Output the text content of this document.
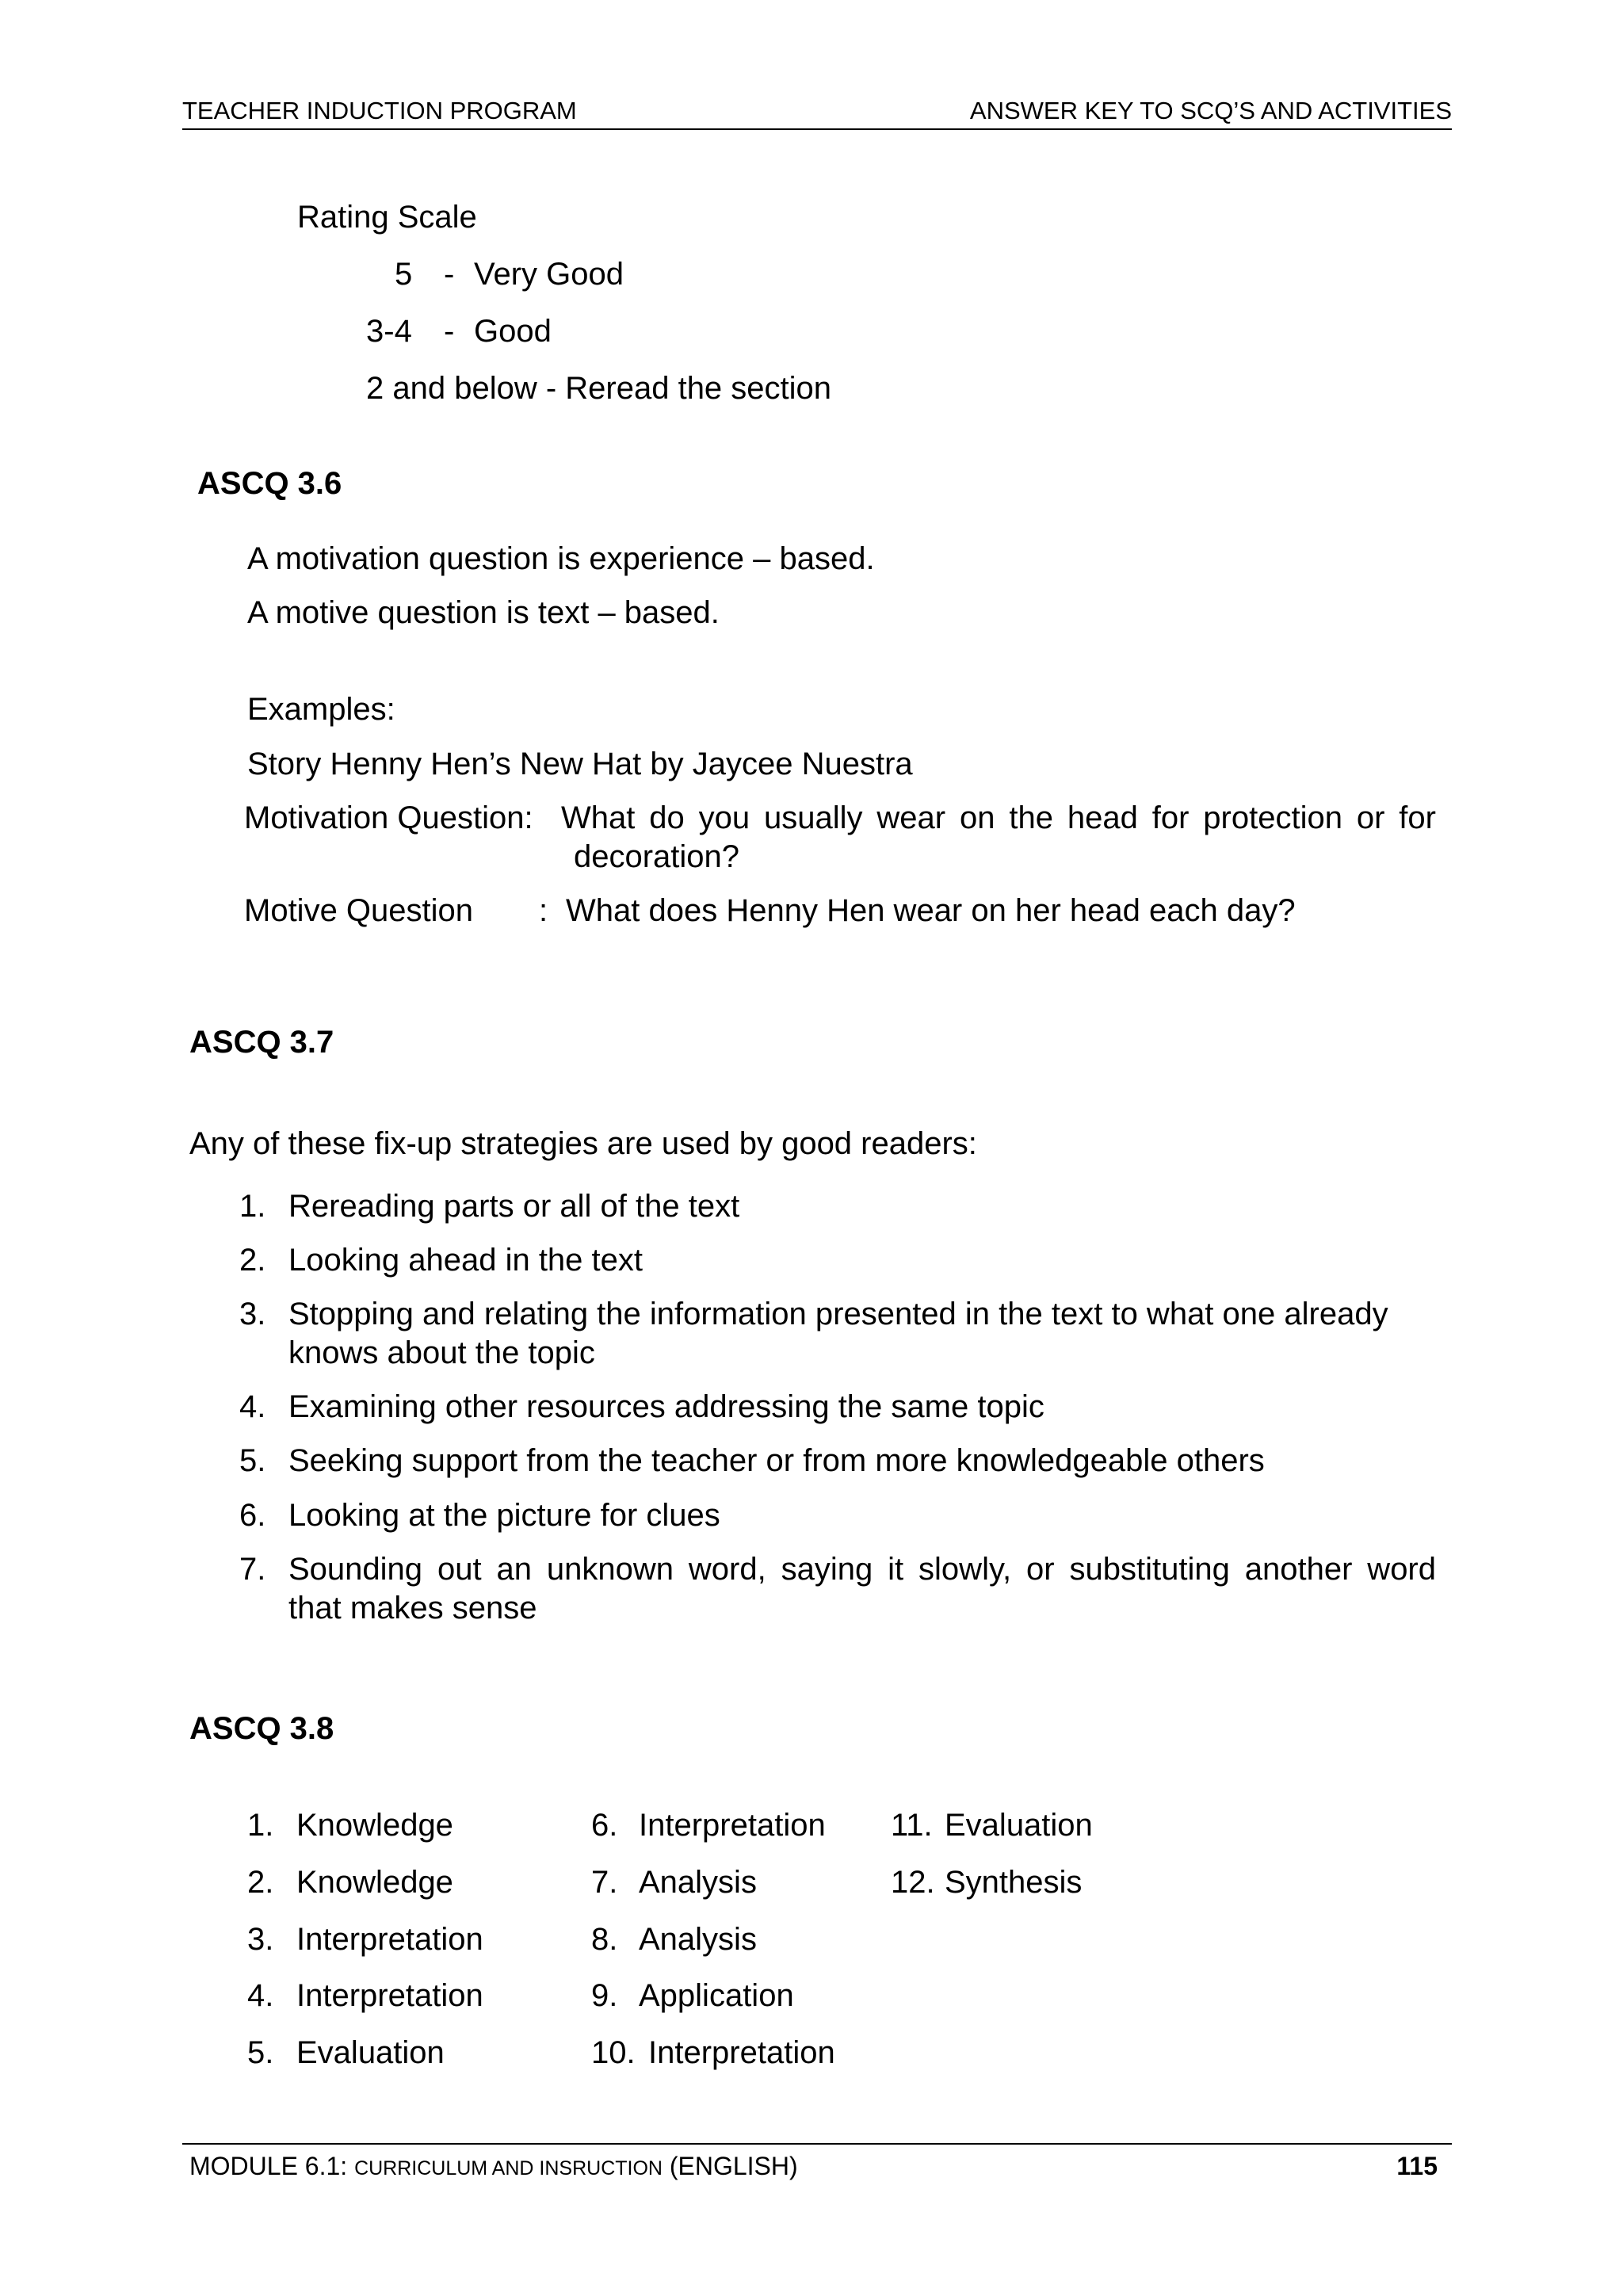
TEACHER INDUCTION PROGRAM	ANSWER KEY TO SCQ’S AND ACTIVITIES
Rating Scale
5 - Very Good
3-4 - Good
2 and below - Reread the section
ASCQ 3.6
A motivation question is experience – based.
A motive question is text – based.
Examples:
Story Henny Hen’s New Hat by Jaycee Nuestra
Motivation Question: What do you usually wear on the head for protection or for
decoration?
Motive Question : What does Henny Hen wear on her head each day?
ASCQ 3.7
Any of these fix-up strategies are used by good readers:
1. Rereading parts or all of the text
2. Looking ahead in the text
3. Stopping and relating the information presented in the text to what one already
knows about the topic
4. Examining other resources addressing the same topic
5. Seeking support from the teacher or from more knowledgeable others
6. Looking at the picture for clues
7. Sounding out an unknown word, saying it slowly, or substituting another word
that makes sense
ASCQ 3.8
1. Knowledge
2. Knowledge
3. Interpretation
4. Interpretation
5. Evaluation
6. Interpretation
7. Analysis
8. Analysis
9. Application
10. Interpretation
11. Evaluation
12. Synthesis
MODULE 6.1: CURRICULUM AND INSRUCTION (ENGLISH)	115
